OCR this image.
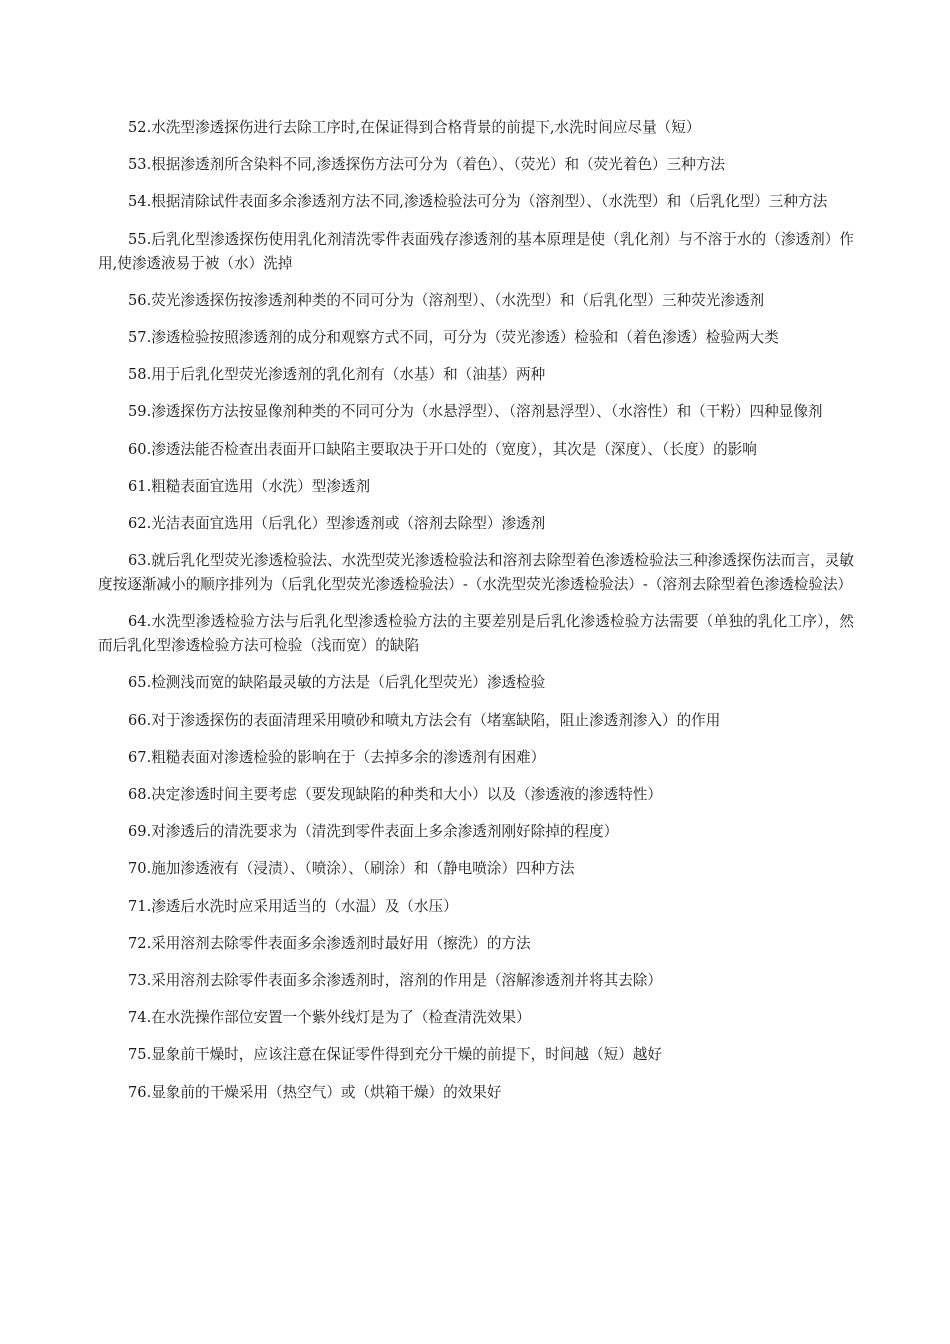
52.水洗型渗透探伤进行去除工序时,在保证得到合格背景的前提下,水洗时间应尽量（短）

53.根据渗透剂所含染料不同,渗透探伤方法可分为（着色）、（荧光）和（荧光着色）三种方法

54.根据清除试件表面多余渗透剂方法不同,渗透检验法可分为（溶剂型）、（水洗型）和（后乳化型）三种方法

55.后乳化型渗透探伤使用乳化剂清洗零件表面残存渗透剂的基本原理是使（乳化剂）与不溶于水的（渗透剂）作用,使渗透液易于被（水）洗掉

56.荧光渗透探伤按渗透剂种类的不同可分为（溶剂型）、（水洗型）和（后乳化型）三种荧光渗透剂

57.渗透检验按照渗透剂的成分和观察方式不同，可分为（荧光渗透）检验和（着色渗透）检验两大类

58.用于后乳化型荧光渗透剂的乳化剂有（水基）和（油基）两种

59.渗透探伤方法按显像剂种类的不同可分为（水悬浮型）、（溶剂悬浮型）、（水溶性）和（干粉）四种显像剂

60.渗透法能否检查出表面开口缺陷主要取决于开口处的（宽度），其次是（深度）、（长度）的影响

61.粗糙表面宜选用（水洗）型渗透剂

62.光洁表面宜选用（后乳化）型渗透剂或（溶剂去除型）渗透剂

63.就后乳化型荧光渗透检验法、水洗型荧光渗透检验法和溶剂去除型着色渗透检验法三种渗透探伤法而言，灵敏度按逐渐减小的顺序排列为（后乳化型荧光渗透检验法）-（水洗型荧光渗透检验法）-（溶剂去除型着色渗透检验法）

64.水洗型渗透检验方法与后乳化型渗透检验方法的主要差别是后乳化渗透检验方法需要（单独的乳化工序），然而后乳化型渗透检验方法可检验（浅而宽）的缺陷

65.检测浅而宽的缺陷最灵敏的方法是（后乳化型荧光）渗透检验

66.对于渗透探伤的表面清理采用喷砂和喷丸方法会有（堵塞缺陷，阻止渗透剂渗入）的作用

67.粗糙表面对渗透检验的影响在于（去掉多余的渗透剂有困难）

68.决定渗透时间主要考虑（要发现缺陷的种类和大小）以及（渗透液的渗透特性）

69.对渗透后的清洗要求为（清洗到零件表面上多余渗透剂刚好除掉的程度）

70.施加渗透液有（浸渍）、（喷涂）、（刷涂）和（静电喷涂）四种方法

71.渗透后水洗时应采用适当的（水温）及（水压）

72.采用溶剂去除零件表面多余渗透剂时最好用（擦洗）的方法

73.采用溶剂去除零件表面多余渗透剂时，溶剂的作用是（溶解渗透剂并将其去除）

74.在水洗操作部位安置一个紫外线灯是为了（检查清洗效果）

75.显象前干燥时，应该注意在保证零件得到充分干燥的前提下，时间越（短）越好

76.显象前的干燥采用（热空气）或（烘箱干燥）的效果好
